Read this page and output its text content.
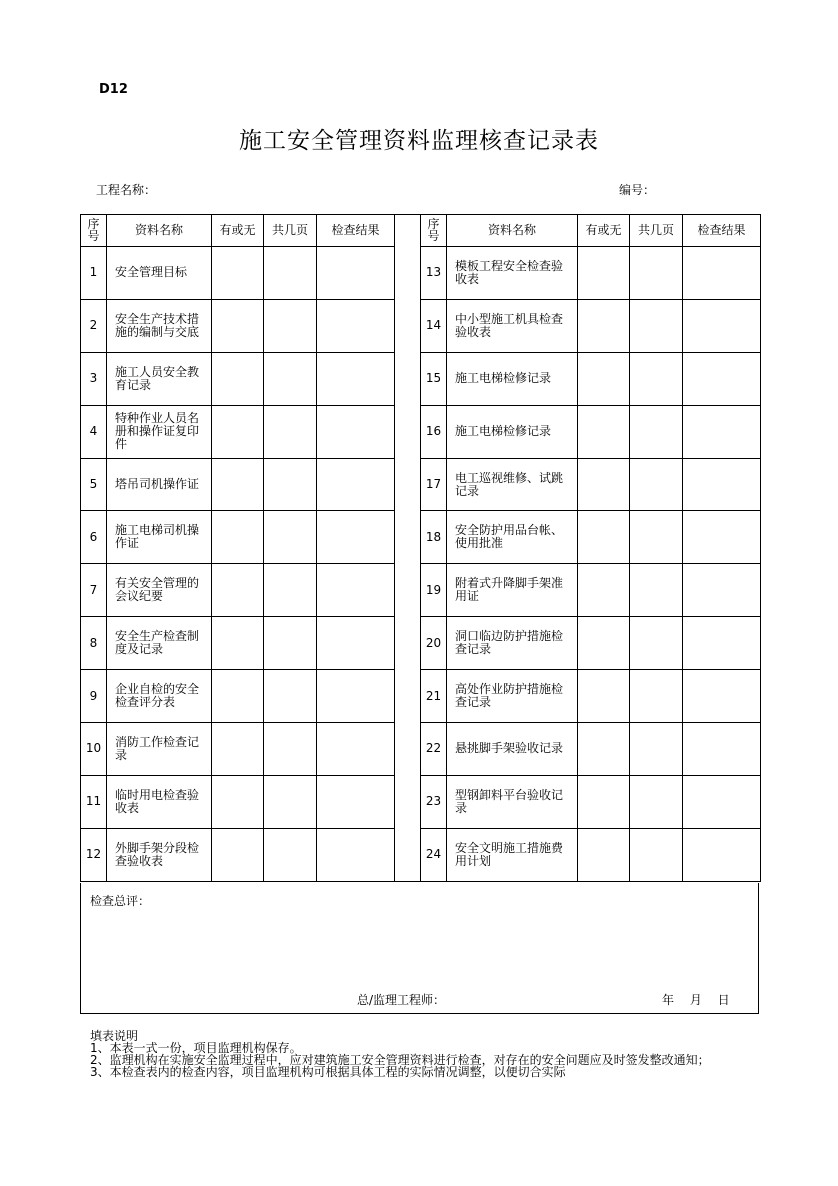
D12
施工安全管理资料监理核查记录表
工程名称：	编号：
序号	资料名称	有或无	共几页	检查结果		序号	资料名称	有或无	共几页	检查结果
1	安全管理目标					13	模板工程安全检查验收表			
2	安全生产技术措施的编制与交底					14	中小型施工机具检查验收表			
3	施工人员安全教育记录					15	施工电梯检修记录			
4	特种作业人员名册和操作证复印件					16	施工电梯检修记录			
5	塔吊司机操作证					17	电工巡视维修、试跳记录			
6	施工电梯司机操作证					18	安全防护用品台帐、使用批准			
7	有关安全管理的会议纪要					19	附着式升降脚手架准用证			
8	安全生产检查制度及记录					20	洞口临边防护措施检查记录			
9	企业自检的安全检查评分表					21	高处作业防护措施检查记录			
10	消防工作检查记录					22	悬挑脚手架验收记录			
11	临时用电检查验收表					23	型钢卸料平台验收记录			
12	外脚手架分段检查验收表					24	安全文明施工措施费用计划			
检查总评：
总/监理工程师：	年 月 日
填表说明
1、本表一式一份，项目监理机构保存。
2、监理机构在实施安全监理过程中，应对建筑施工安全管理资料进行检查，对存在的安全问题应及时签发整改通知；
3、本检查表内的检查内容，项目监理机构可根据具体工程的实际情况调整，以便切合实际
